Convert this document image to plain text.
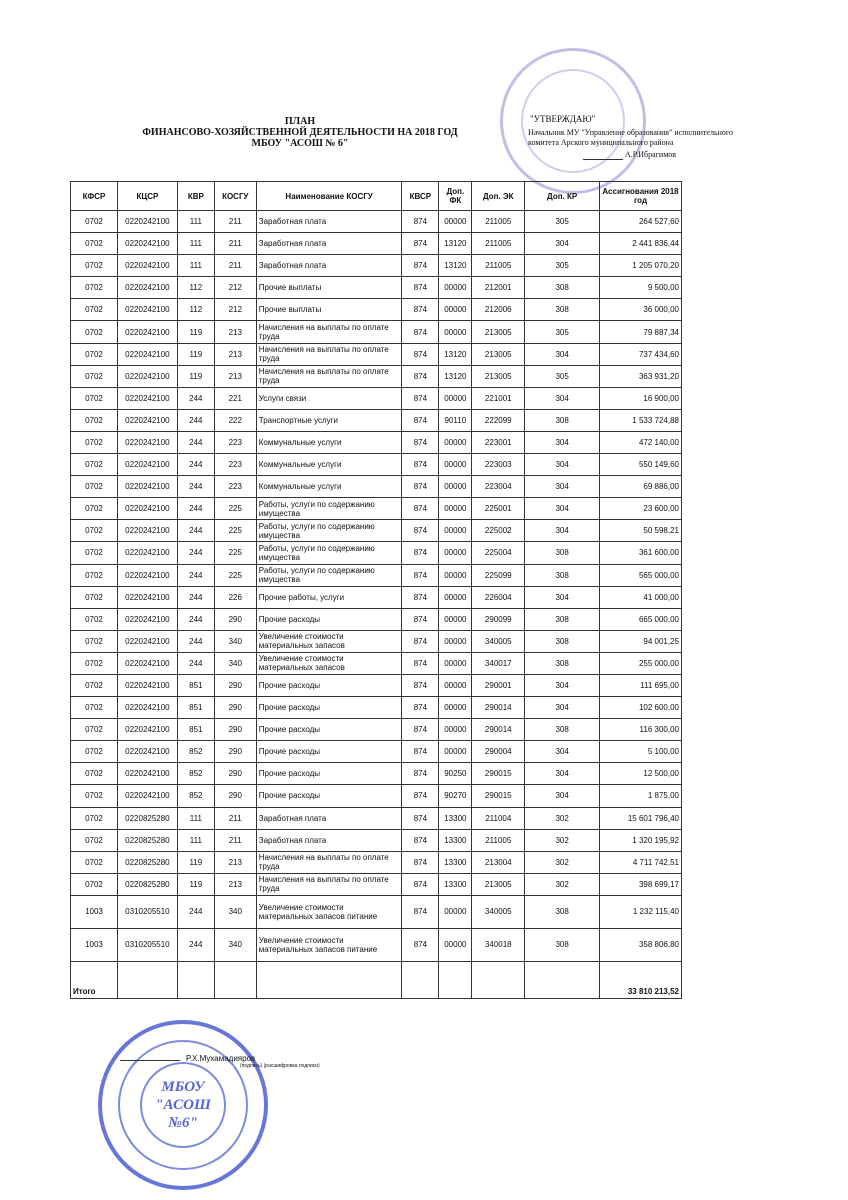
ПЛАН
ФИНАНСОВО-ХОЗЯЙСТВЕННОЙ ДЕЯТЕЛЬНОСТИ НА 2018 ГОД
МБОУ "АСОШ № 6"
"УТВЕРЖДАЮ"
Начальник МУ "Управление образования" исполнительного
комитета Арского муниципального района
А.Р.Ибрагимов
КФСР	КЦСР	КВР	КОСГУ	Наименование КОСГУ	КВСР	Доп. ФК	Доп. ЭК	Доп. КР	Ассигнования 2018 год
0702	0220242100	111	211	Заработная плата	874	00000	211005	305	264 527,60
0702	0220242100	111	211	Заработная плата	874	13120	211005	304	2 441 836,44
0702	0220242100	111	211	Заработная плата	874	13120	211005	305	1 205 070,20
0702	0220242100	112	212	Прочие выплаты	874	00000	212001	308	9 500,00
0702	0220242100	112	212	Прочие выплаты	874	00000	212006	308	36 000,00
0702	0220242100	119	213	Начисления на выплаты по оплате труда	874	00000	213005	305	79 887,34
0702	0220242100	119	213	Начисления на выплаты по оплате труда	874	13120	213005	304	737 434,60
0702	0220242100	119	213	Начисления на выплаты по оплате труда	874	13120	213005	305	363 931,20
0702	0220242100	244	221	Услуги связи	874	00000	221001	304	16 900,00
0702	0220242100	244	222	Транспортные услуги	874	90110	222099	308	1 533 724,88
0702	0220242100	244	223	Коммунальные услуги	874	00000	223001	304	472 140,00
0702	0220242100	244	223	Коммунальные услуги	874	00000	223003	304	550 149,60
0702	0220242100	244	223	Коммунальные услуги	874	00000	223004	304	69 886,00
0702	0220242100	244	225	Работы, услуги по содержанию имущества	874	00000	225001	304	23 600,00
0702	0220242100	244	225	Работы, услуги по содержанию имущества	874	00000	225002	304	50 598,21
0702	0220242100	244	225	Работы, услуги по содержанию имущества	874	00000	225004	308	361 600,00
0702	0220242100	244	225	Работы, услуги по содержанию имущества	874	00000	225099	308	565 000,00
0702	0220242100	244	226	Прочие работы, услуги	874	00000	226004	304	41 000,00
0702	0220242100	244	290	Прочие расходы	874	00000	290099	308	665 000,00
0702	0220242100	244	340	Увеличение стоимости материальных запасов	874	00000	340005	308	94 001,25
0702	0220242100	244	340	Увеличение стоимости материальных запасов	874	00000	340017	308	255 000,00
0702	0220242100	851	290	Прочие расходы	874	00000	290001	304	111 695,00
0702	0220242100	851	290	Прочие расходы	874	00000	290014	304	102 600,00
0702	0220242100	851	290	Прочие расходы	874	00000	290014	308	116 300,00
0702	0220242100	852	290	Прочие расходы	874	00000	290004	304	5 100,00
0702	0220242100	852	290	Прочие расходы	874	90250	290015	304	12 500,00
0702	0220242100	852	290	Прочие расходы	874	90270	290015	304	1 875,00
0702	0220825280	111	211	Заработная плата	874	13300	211004	302	15 601 796,40
0702	0220825280	111	211	Заработная плата	874	13300	211005	302	1 320 195,92
0702	0220825280	119	213	Начисления на выплаты по оплате труда	874	13300	213004	302	4 711 742,51
0702	0220825280	119	213	Начисления на выплаты по оплате труда	874	13300	213005	302	398 699,17
1003	0310205510	244	340	Увеличение стоимости материальных запасов питание	874	00000	340005	308	1 232 115,40
1003	0310205510	244	340	Увеличение стоимости материальных запасов питание	874	00000	340018	308	358 806,80
Итого									33 810 213,52
МБОУ
"АСОШ №6"
Р.Х.Мухамадияров
(подпись) (расшифровка подписи)
